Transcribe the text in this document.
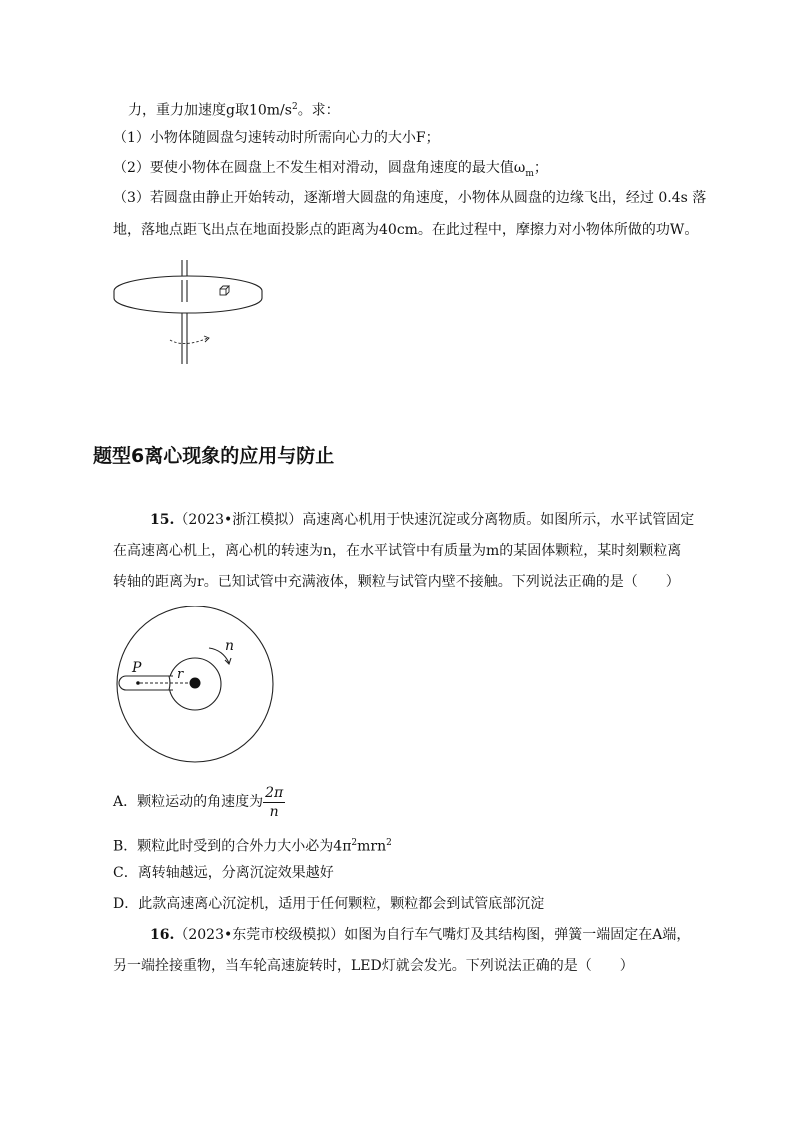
力，重力加速度g取$10m/s^2$。求：
（1）小物体随圆盘匀速转动时所需向心力的大小F；
（2）要使小物体在圆盘上不发生相对滑动，圆盘角速度的最大值$\omega_m$；
（3）若圆盘由静止开始转动，逐渐增大圆盘的角速度，小物体从圆盘的边缘飞出，经过 0.4s 落
地，落地点距飞出点在地面投影点的距离为40cm。在此过程中，摩擦力对小物体所做的功W。
题型6离心现象的应用与防止
15.（2023•浙江模拟）高速离心机用于快速沉淀或分离物质。如图所示，水平试管固定
在高速离心机上，离心机的转速为n，在水平试管中有质量为m的某固体颗粒，某时刻颗粒离
转轴的距离为r。已知试管中充满液体，颗粒与试管内壁不接触。下列说法正确的是（　　）
n
P	r
A．颗粒运动的角速度为 $\frac{2\pi}{n}$
B．颗粒此时受到的合外力大小必为$4\pi^2mrn^2$
C．离转轴越远，分离沉淀效果越好
D．此款高速离心沉淀机，适用于任何颗粒，颗粒都会到试管底部沉淀
16.（2023•东莞市校级模拟）如图为自行车气嘴灯及其结构图，弹簧一端固定在A端，
另一端拴接重物，当车轮高速旋转时，LED灯就会发光。下列说法正确的是（　　）
